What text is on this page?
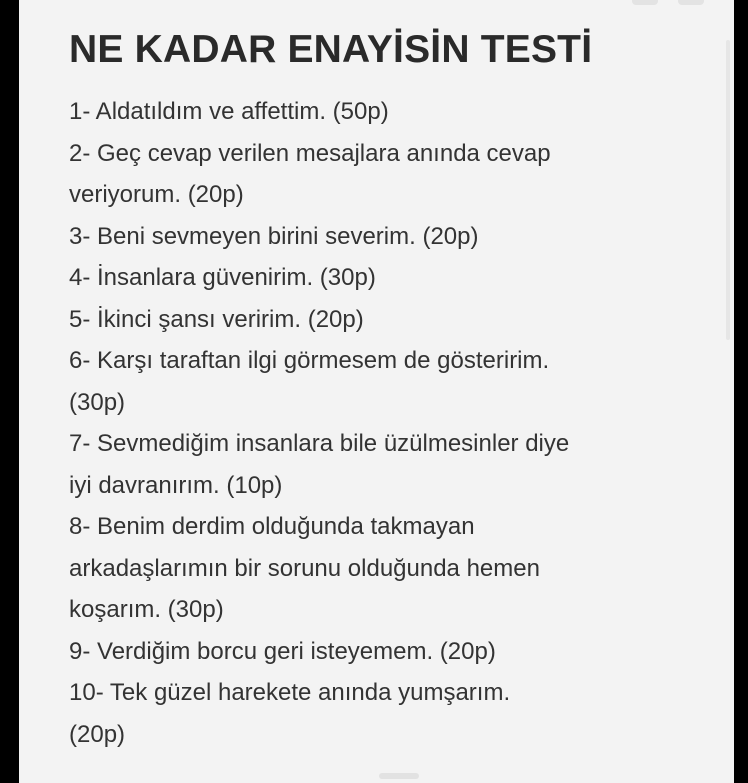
NE KADAR ENAYİSİN TESTİ
1- Aldatıldım ve affettim. (50p)
2- Geç cevap verilen mesajlara anında cevap
veriyorum. (20p)
3- Beni sevmeyen birini severim. (20p)
4- İnsanlara güvenirim. (30p)
5- İkinci şansı veririm. (20p)
6- Karşı taraftan ilgi görmesem de gösteririm.
(30p)
7- Sevmediğim insanlara bile üzülmesinler diye
iyi davranırım. (10p)
8- Benim derdim olduğunda takmayan
arkadaşlarımın bir sorunu olduğunda hemen
koşarım. (30p)
9- Verdiğim borcu geri isteyemem. (20p)
10- Tek güzel harekete anında yumşarım.
(20p)
